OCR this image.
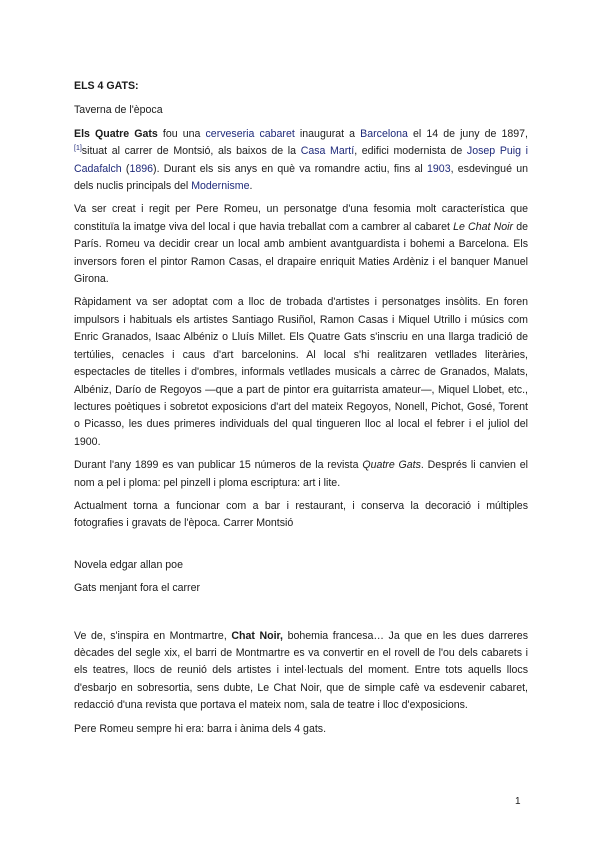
ELS 4 GATS:

Taverna de l'època

Els Quatre Gats fou una cerveseria cabaret inaugurat a Barcelona el 14 de juny de 1897,[1]situat al carrer de Montsió, als baixos de la Casa Martí, edifici modernista de Josep Puig i Cadafalch (1896). Durant els sis anys en què va romandre actiu, fins al 1903, esdevingué un dels nuclis principals del Modernisme.

Va ser creat i regit per Pere Romeu, un personatge d'una fesomia molt característica que constituïa la imatge viva del local i que havia treballat com a cambrer al cabaret Le Chat Noir de París. Romeu va decidir crear un local amb ambient avantguardista i bohemi a Barcelona. Els inversors foren el pintor Ramon Casas, el drapaire enriquit Maties Ardèniz i el banquer Manuel Girona.

Ràpidament va ser adoptat com a lloc de trobada d'artistes i personatges insòlits. En foren impulsors i habituals els artistes Santiago Rusiñol, Ramon Casas i Miquel Utrillo i músics com Enric Granados, Isaac Albéniz o Lluís Millet. Els Quatre Gats s'inscriu en una llarga tradició de tertúlies, cenacles i caus d'art barcelonins. Al local s'hi realitzaren vetllades literàries, espectacles de titelles i d'ombres, informals vetllades musicals a càrrec de Granados, Malats, Albéniz, Darío de Regoyos —que a part de pintor era guitarrista amateur—, Miquel Llobet, etc., lectures poètiques i sobretot exposicions d'art del mateix Regoyos, Nonell, Pichot, Gosé, Torent o Picasso, les dues primeres individuals del qual tingueren lloc al local el febrer i el juliol del 1900.

Durant l'any 1899 es van publicar 15 números de la revista Quatre Gats. Després li canvien el nom a pel i ploma: pel pinzell i ploma escriptura: art i lite.

Actualment torna a funcionar com a bar i restaurant, i conserva la decoració i múltiples fotografies i gravats de l'època. Carrer Montsió

Novela edgar allan poe

Gats menjant fora el carrer

Ve de, s'inspira en Montmartre, Chat Noir, bohemia francesa… Ja que en les dues darreres dècades del segle xix, el barri de Montmartre es va convertir en el rovell de l'ou dels cabarets i els teatres, llocs de reunió dels artistes i intel·lectuals del moment. Entre tots aquells llocs d'esbarjo en sobresortia, sens dubte, Le Chat Noir, que de simple cafè va esdevenir cabaret, redacció d'una revista que portava el mateix nom, sala de teatre i lloc d'exposicions.

Pere Romeu sempre hi era: barra i ànima dels 4 gats.

1
